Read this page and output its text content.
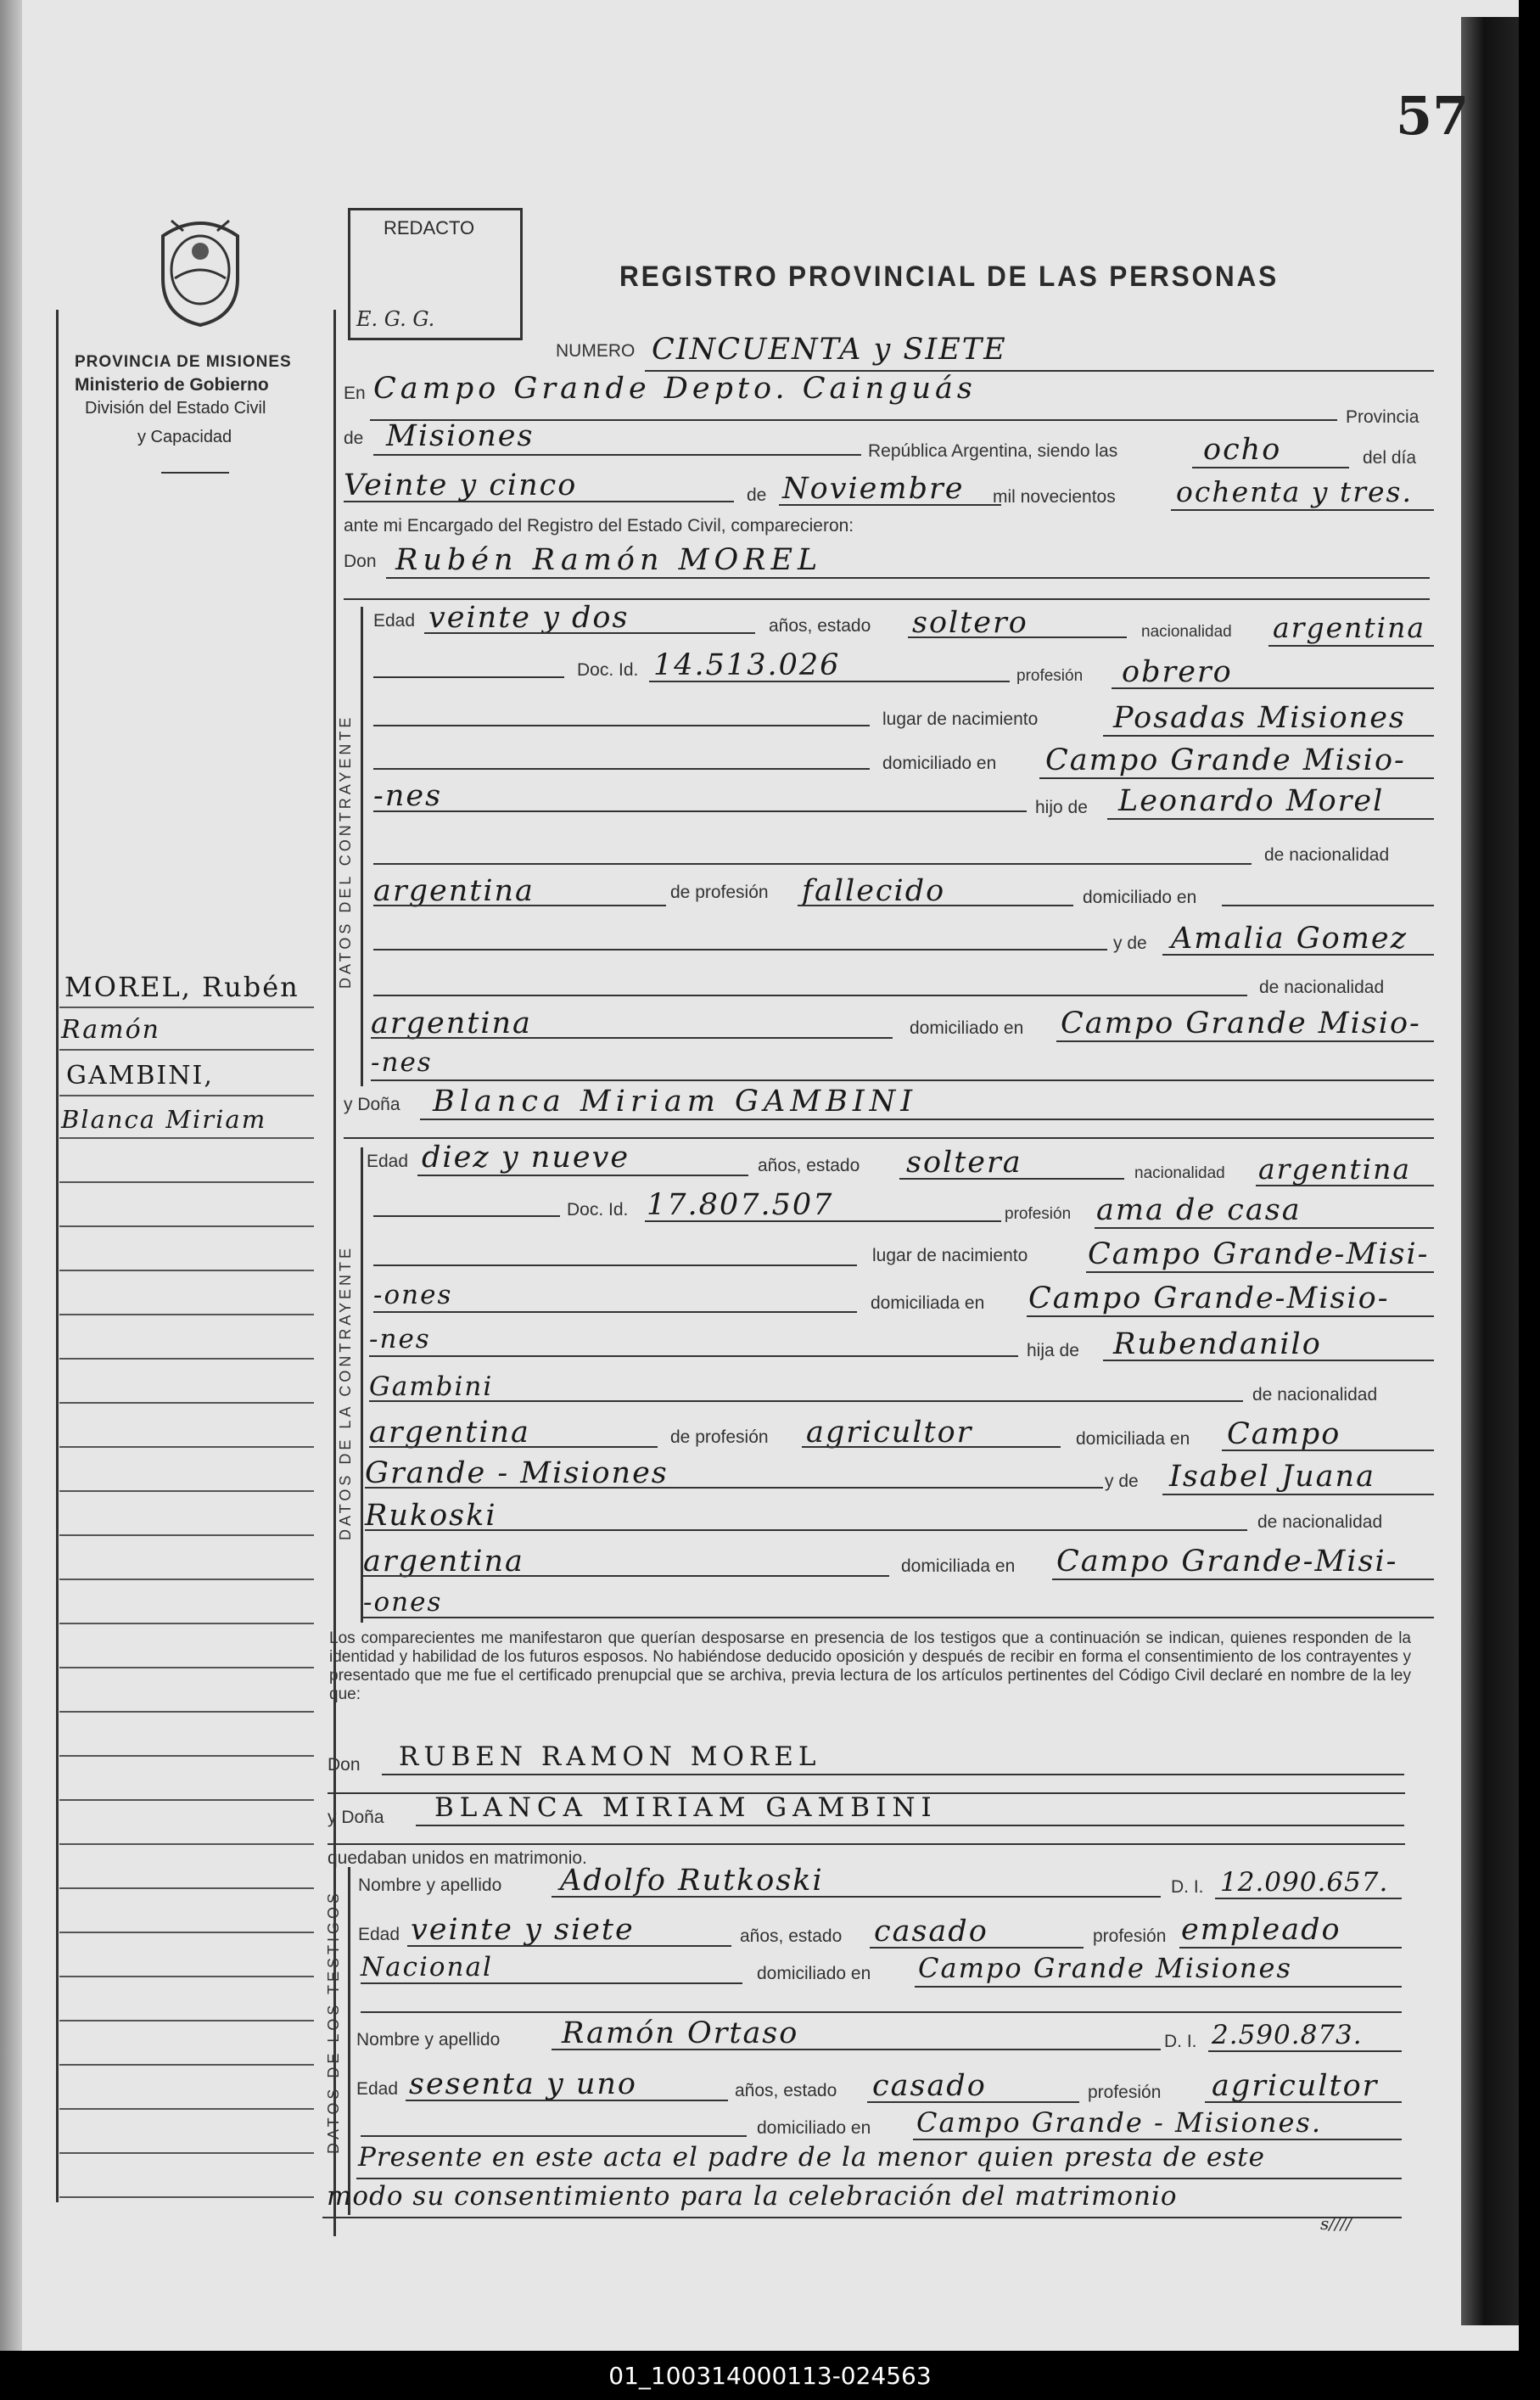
57
PROVINCIA DE MISIONES
Ministerio de Gobierno
División del Estado Civil
y Capacidad
REDACTO
E. G. G.
REGISTRO PROVINCIAL DE LAS PERSONAS
NUMERO CINCUENTA y SIETE
En Campo Grande Depto. Cainguás
Provincia
de Misiones	República Argentina, siendo las	ocho	del día
Veinte y cinco	de Noviembre mil novecientos ochenta y tres.
ante mi Encargado del Registro del Estado Civil, comparecieron:
Don Rubén Ramón MOREL
DATOS DEL CONTRAYENTE
Edad veinte y dos	años, estado soltero	nacionalidad argentina
Doc. Id. 14.513.026	profesión obrero
lugar de nacimiento	Posadas Misiones
domiciliado en Campo Grande Misio-
-nes	hijo de Leonardo Morel
de nacionalidad
argentina	de profesión fallecido	domiciliado en
y de Amalia Gomez
de nacionalidad
argentina	domiciliado en Campo Grande Misio-
-nes
y Doña Blanca Miriam GAMBINI
DATOS DE LA CONTRAYENTE
Edad diez y nueve	años, estado soltera	nacionalidad argentina
Doc. Id. 17.807.507	profesión ama de casa
lugar de nacimiento Campo Grande-Misi-
-ones	domiciliada en Campo Grande-Misio-
-nes	hija de Rubendanilo
Gambini	de nacionalidad
argentina	de profesión agricultor	domiciliada en Campo
Grande - Misiones	y de Isabel Juana
Rukoski	de nacionalidad
argentina	domiciliada en Campo Grande-Misi-
-ones
Los comparecientes me manifestaron que querían desposarse en presencia de los testigos que a continuación se indican, quienes responden de la identidad y habilidad de los futuros esposos. No habiéndose deducido oposición y después de recibir en forma el consentimiento de los contrayentes y presentado que me fue el certificado prenupcial que se archiva, previa lectura de los artículos pertinentes del Código Civil declaré en nombre de la ley que:
Don RUBEN RAMON MOREL
y Doña BLANCA MIRIAM GAMBINI
quedaban unidos en matrimonio.
DATOS DE LOS TESTIGOS
Nombre y apellido Adolfo Rutkoski	D. I. 12.090.657.
Edad veinte y siete	años, estado casado	profesión empleado
Nacional	domiciliado en Campo Grande Misiones
Nombre y apellido Ramón Ortaso	D. I. 2.590.873.
Edad sesenta y uno	años, estado casado	profesión agricultor
domiciliado en Campo Grande - Misiones.
Presente en este acta el padre de la menor quien presta de este
modo su consentimiento para la celebración del matrimonio
s////
MOREL, Rubén
Ramón
GAMBINI,
Blanca Miriam
01_100314000113-024563
